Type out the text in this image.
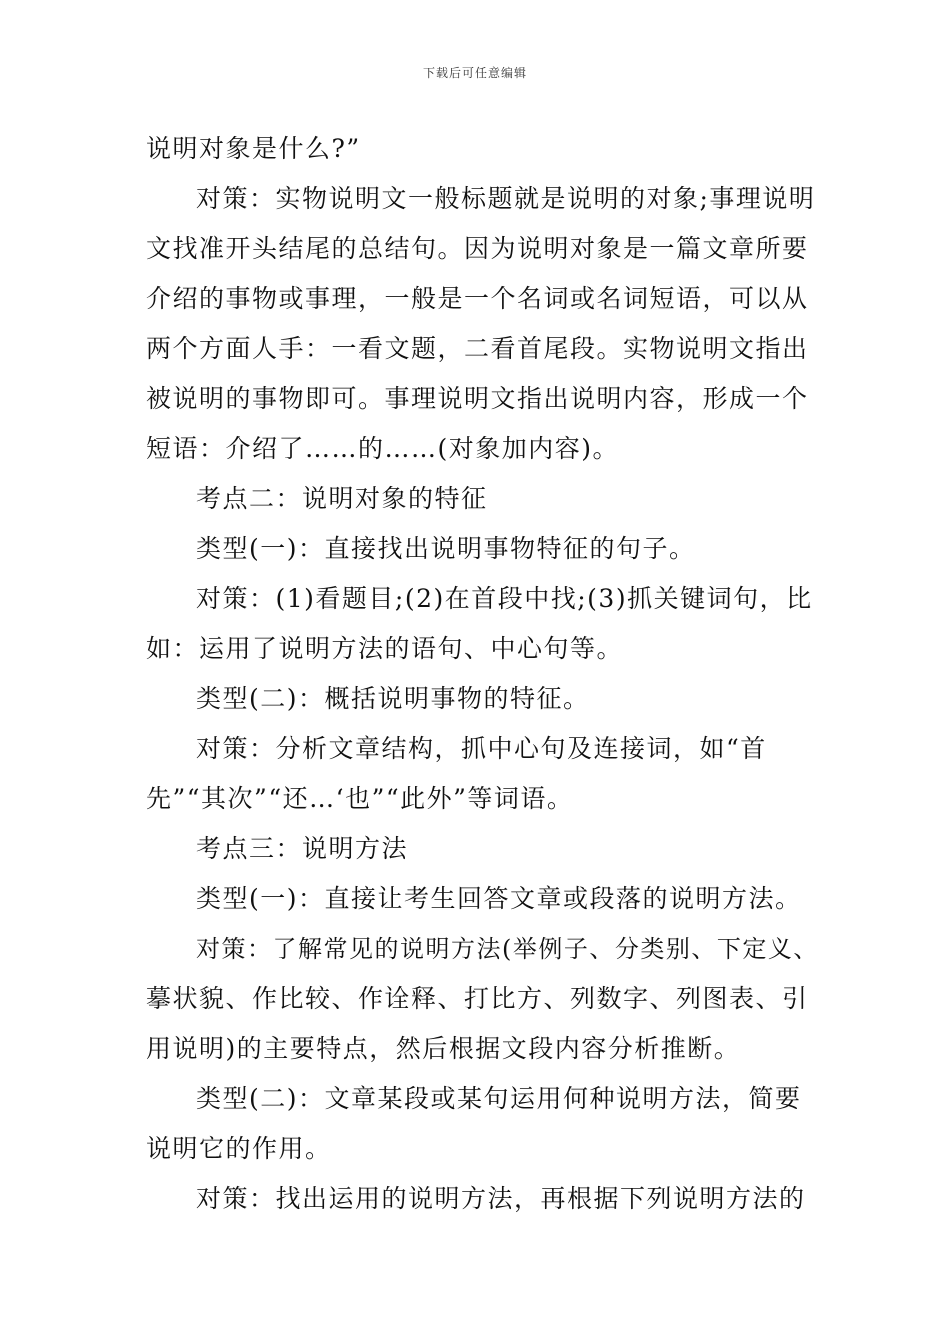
下载后可任意编辑
说明对象是什么?”
对策：实物说明文一般标题就是说明的对象;事理说明
文找准开头结尾的总结句。因为说明对象是一篇文章所要
介绍的事物或事理，一般是一个名词或名词短语，可以从
两个方面人手：一看文题，二看首尾段。实物说明文指出
被说明的事物即可。事理说明文指出说明内容，形成一个
短语：介绍了……的……(对象加内容)。
考点二：说明对象的特征
类型(一)：直接找出说明事物特征的句子。
对策：(1)看题目;(2)在首段中找;(3)抓关键词句，比
如：运用了说明方法的语句、中心句等。
类型(二)：概括说明事物的特征。
对策：分析文章结构，抓中心句及连接词，如“首
先”“其次”“还…‘也”“此外”等词语。
考点三：说明方法
类型(一)：直接让考生回答文章或段落的说明方法。
对策：了解常见的说明方法(举例子、分类别、下定义、
摹状貌、作比较、作诠释、打比方、列数字、列图表、引
用说明)的主要特点，然后根据文段内容分析推断。
类型(二)：文章某段或某句运用何种说明方法，简要
说明它的作用。
对策：找出运用的说明方法，再根据下列说明方法的
